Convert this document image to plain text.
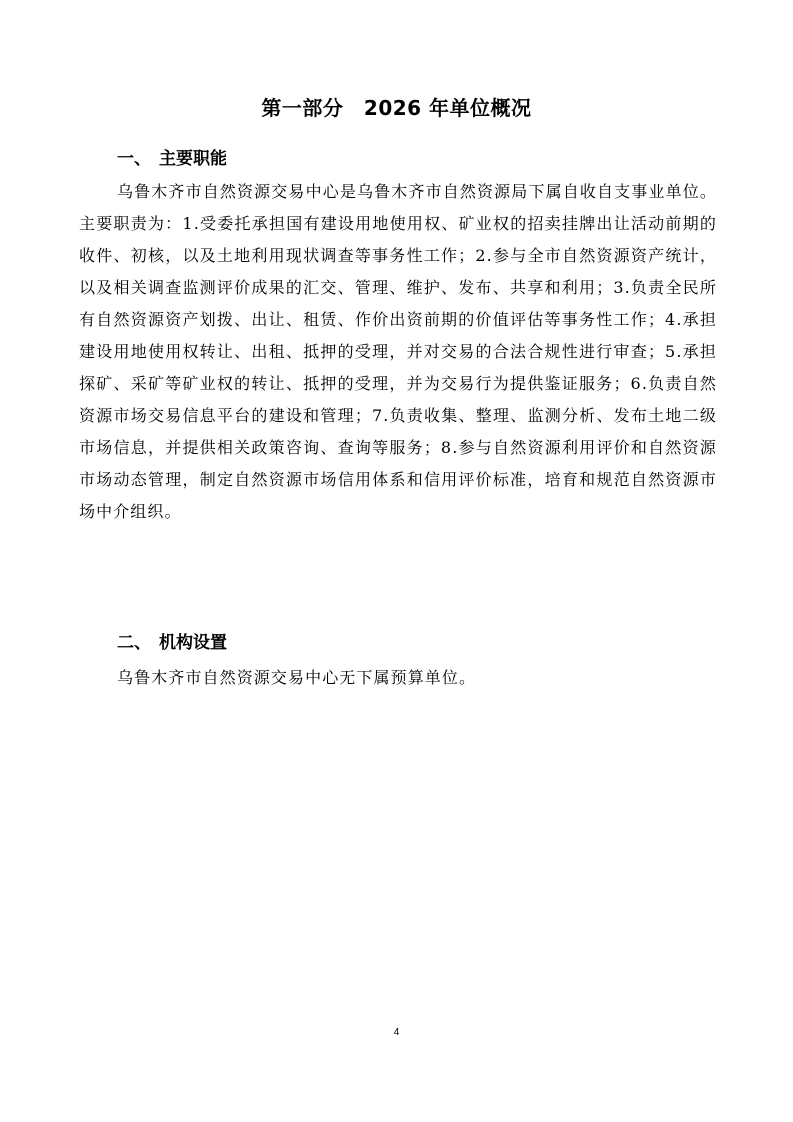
第一部分　2026 年单位概况
一、 主要职能
乌鲁木齐市自然资源交易中心是乌鲁木齐市自然资源局下属自收自支事业单位。主要职责为：1.受委托承担国有建设用地使用权、矿业权的招卖挂牌出让活动前期的收件、初核，以及土地利用现状调查等事务性工作；2.参与全市自然资源资产统计，以及相关调查监测评价成果的汇交、管理、维护、发布、共享和利用；3.负责全民所有自然资源资产划拨、出让、租赁、作价出资前期的价值评估等事务性工作；4.承担建设用地使用权转让、出租、抵押的受理，并对交易的合法合规性进行审查；5.承担探矿、采矿等矿业权的转让、抵押的受理，并为交易行为提供鉴证服务；6.负责自然资源市场交易信息平台的建设和管理；7.负责收集、整理、监测分析、发布土地二级市场信息，并提供相关政策咨询、查询等服务；8.参与自然资源利用评价和自然资源市场动态管理，制定自然资源市场信用体系和信用评价标准，培育和规范自然资源市场中介组织。
二、 机构设置
乌鲁木齐市自然资源交易中心无下属预算单位。
4
